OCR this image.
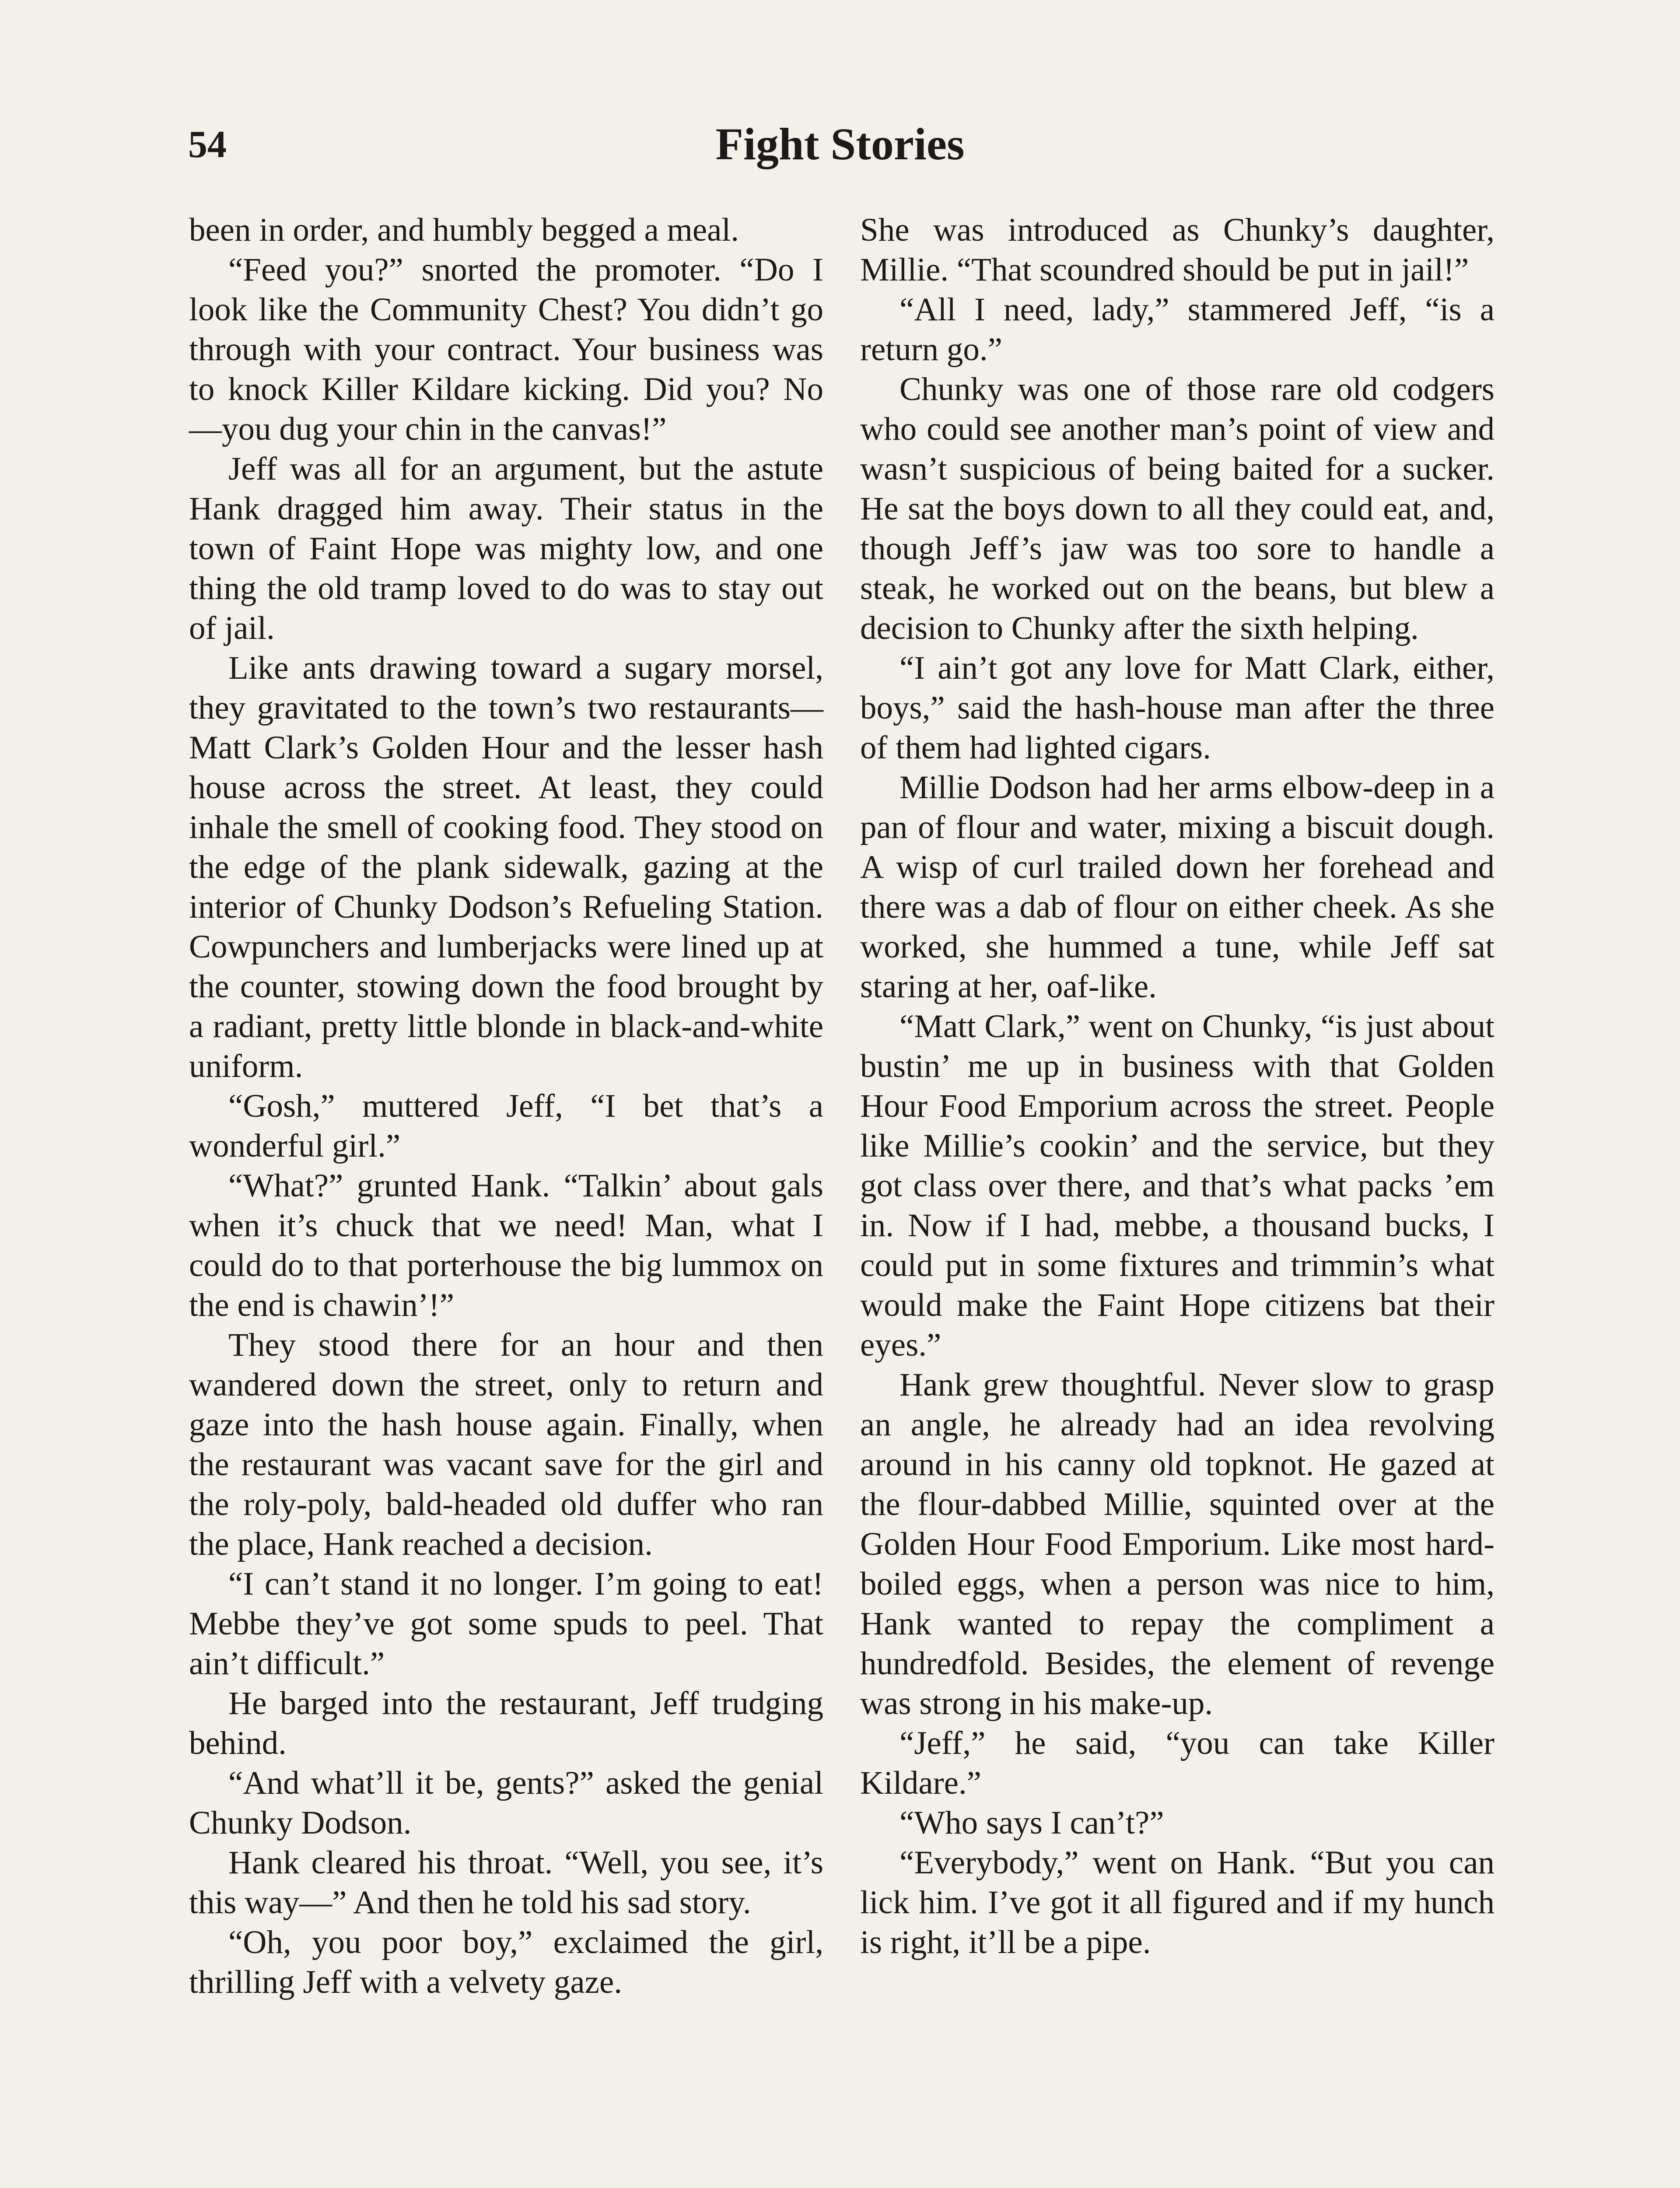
54	Fight Stories

been in order, and humbly begged a meal.

“Feed you?” snorted the promoter. “Do I look like the Community Chest? You didn’t go through with your contract. Your business was to knock Killer Kildare kicking. Did you? No —you dug your chin in the canvas!”

Jeff was all for an argument, but the astute Hank dragged him away. Their status in the town of Faint Hope was mighty low, and one thing the old tramp loved to do was to stay out of jail.

Like ants drawing toward a sugary morsel, they gravitated to the town’s two restaurants—Matt Clark’s Golden Hour and the lesser hash house across the street. At least, they could inhale the smell of cooking food. They stood on the edge of the plank sidewalk, gazing at the interior of Chunky Dodson’s Refueling Station. Cowpunchers and lumberjacks were lined up at the counter, stowing down the food brought by a radiant, pretty little blonde in black-and-white uniform.

“Gosh,” muttered Jeff, “I bet that’s a wonderful girl.”

“What?” grunted Hank. “Talkin’ about gals when it’s chuck that we need! Man, what I could do to that porterhouse the big lummox on the end is chawin’!”

They stood there for an hour and then wandered down the street, only to return and gaze into the hash house again. Finally, when the restaurant was vacant save for the girl and the roly-poly, bald-headed old duffer who ran the place, Hank reached a decision.

“I can’t stand it no longer. I’m going to eat! Mebbe they’ve got some spuds to peel. That ain’t difficult.”

He barged into the restaurant, Jeff trudging behind.

“And what’ll it be, gents?” asked the genial Chunky Dodson.

Hank cleared his throat. “Well, you see, it’s this way—” And then he told his sad story.

“Oh, you poor boy,” exclaimed the girl, thrilling Jeff with a velvety gaze.

She was introduced as Chunky’s daughter, Millie. “That scoundred should be put in jail!”

“All I need, lady,” stammered Jeff, “is a return go.”

Chunky was one of those rare old codgers who could see another man’s point of view and wasn’t suspicious of being baited for a sucker. He sat the boys down to all they could eat, and, though Jeff’s jaw was too sore to handle a steak, he worked out on the beans, but blew a decision to Chunky after the sixth helping.

“I ain’t got any love for Matt Clark, either, boys,” said the hash-house man after the three of them had lighted cigars.

Millie Dodson had her arms elbow-deep in a pan of flour and water, mixing a biscuit dough. A wisp of curl trailed down her forehead and there was a dab of flour on either cheek. As she worked, she hummed a tune, while Jeff sat staring at her, oaf-like.

“Matt Clark,” went on Chunky, “is just about bustin’ me up in business with that Golden Hour Food Emporium across the street. People like Millie’s cookin’ and the service, but they got class over there, and that’s what packs ’em in. Now if I had, mebbe, a thousand bucks, I could put in some fixtures and trimmin’s what would make the Faint Hope citizens bat their eyes.”

Hank grew thoughtful. Never slow to grasp an angle, he already had an idea revolving around in his canny old topknot. He gazed at the flour-dabbed Millie, squinted over at the Golden Hour Food Emporium. Like most hard-boiled eggs, when a person was nice to him, Hank wanted to repay the compliment a hundredfold. Besides, the element of revenge was strong in his make-up.

“Jeff,” he said, “you can take Killer Kildare.”

“Who says I can’t?”

“Everybody,” went on Hank. “But you can lick him. I’ve got it all figured and if my hunch is right, it’ll be a pipe.
